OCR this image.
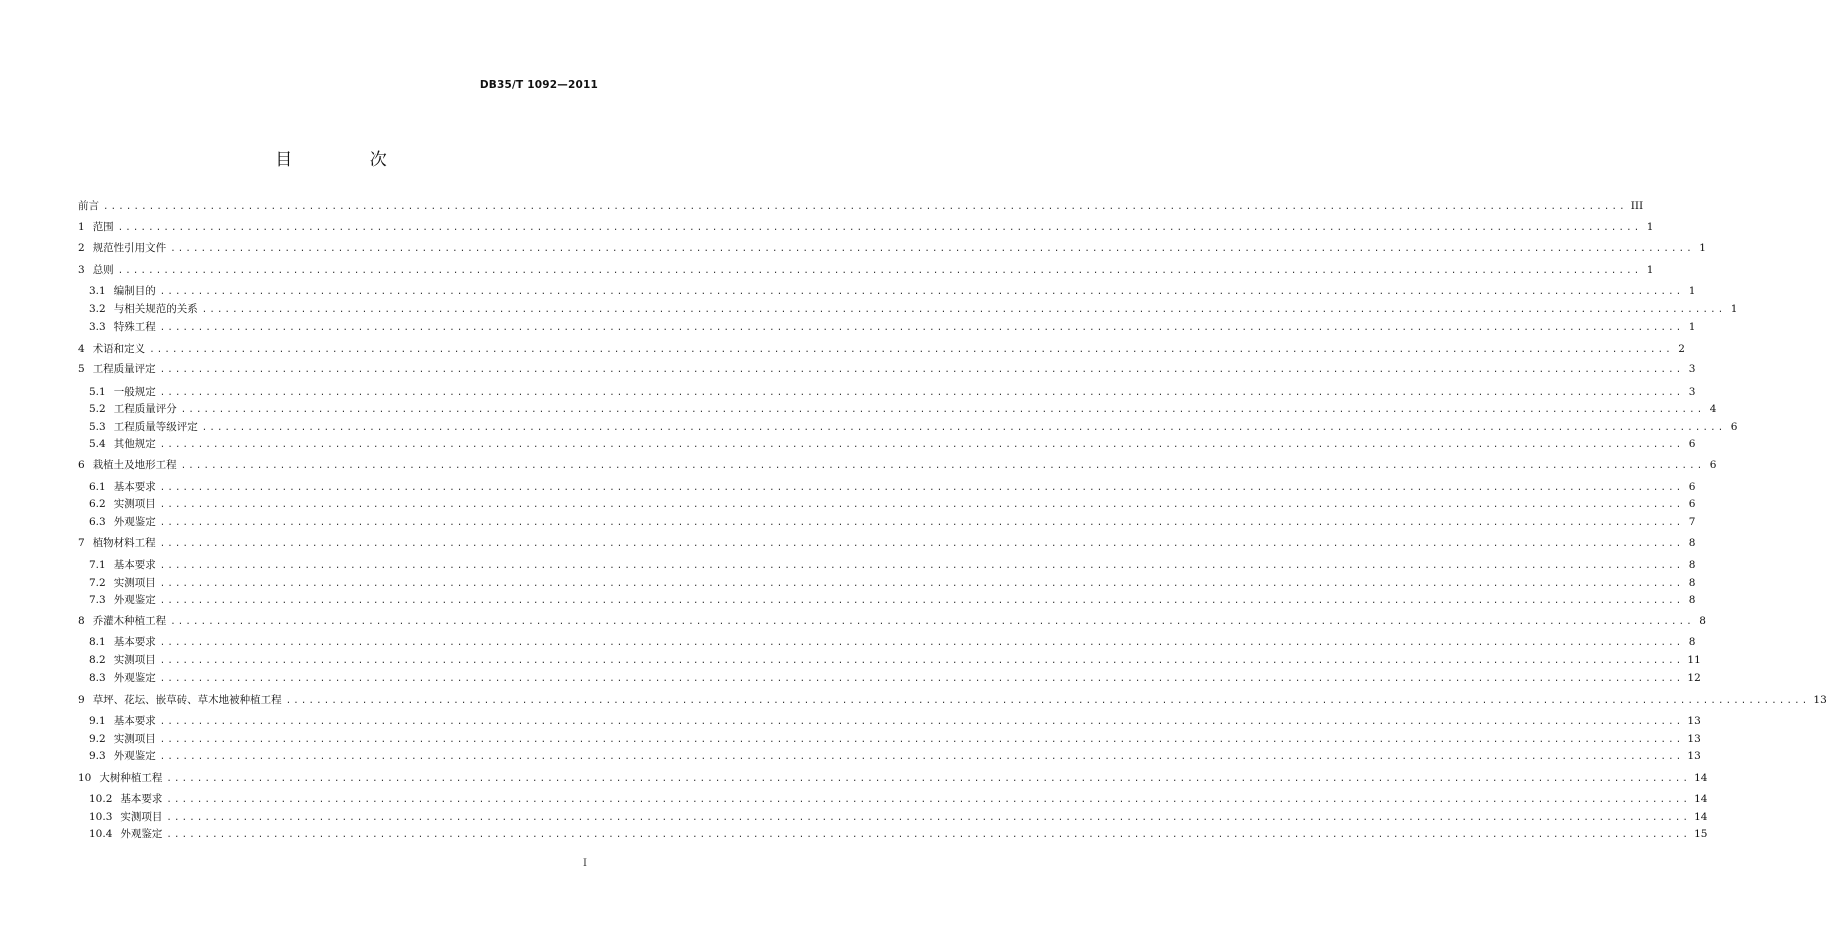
DB35/T 1092—2011
目 次
前言 ........................................................................................................................................................................................................ III
1 范围 ........................................................................................................................................................................................................ 1
2 规范性引用文件 ........................................................................................................................................................................................................ 1
3 总则 ........................................................................................................................................................................................................ 1
3.1 编制目的 ........................................................................................................................................................................................................ 1
3.2 与相关规范的关系 ........................................................................................................................................................................................................ 1
3.3 特殊工程 ........................................................................................................................................................................................................ 1
4 术语和定义 ........................................................................................................................................................................................................ 2
5 工程质量评定 ........................................................................................................................................................................................................ 3
5.1 一般规定 ........................................................................................................................................................................................................ 3
5.2 工程质量评分 ........................................................................................................................................................................................................ 4
5.3 工程质量等级评定 ........................................................................................................................................................................................................ 6
5.4 其他规定 ........................................................................................................................................................................................................ 6
6 栽植土及地形工程 ........................................................................................................................................................................................................ 6
6.1 基本要求 ........................................................................................................................................................................................................ 6
6.2 实测项目 ........................................................................................................................................................................................................ 6
6.3 外观鉴定 ........................................................................................................................................................................................................ 7
7 植物材料工程 ........................................................................................................................................................................................................ 8
7.1 基本要求 ........................................................................................................................................................................................................ 8
7.2 实测项目 ........................................................................................................................................................................................................ 8
7.3 外观鉴定 ........................................................................................................................................................................................................ 8
8 乔灌木种植工程 ........................................................................................................................................................................................................ 8
8.1 基本要求 ........................................................................................................................................................................................................ 8
8.2 实测项目 ........................................................................................................................................................................................................ 11
8.3 外观鉴定 ........................................................................................................................................................................................................ 12
9 草坪、花坛、嵌草砖、草木地被种植工程 ........................................................................................................................................................................................................ 13
9.1 基本要求 ........................................................................................................................................................................................................ 13
9.2 实测项目 ........................................................................................................................................................................................................ 13
9.3 外观鉴定 ........................................................................................................................................................................................................ 13
10 大树种植工程 ........................................................................................................................................................................................................ 14
10.2 基本要求 ........................................................................................................................................................................................................ 14
10.3 实测项目 ........................................................................................................................................................................................................ 14
10.4 外观鉴定 ........................................................................................................................................................................................................ 15
I
